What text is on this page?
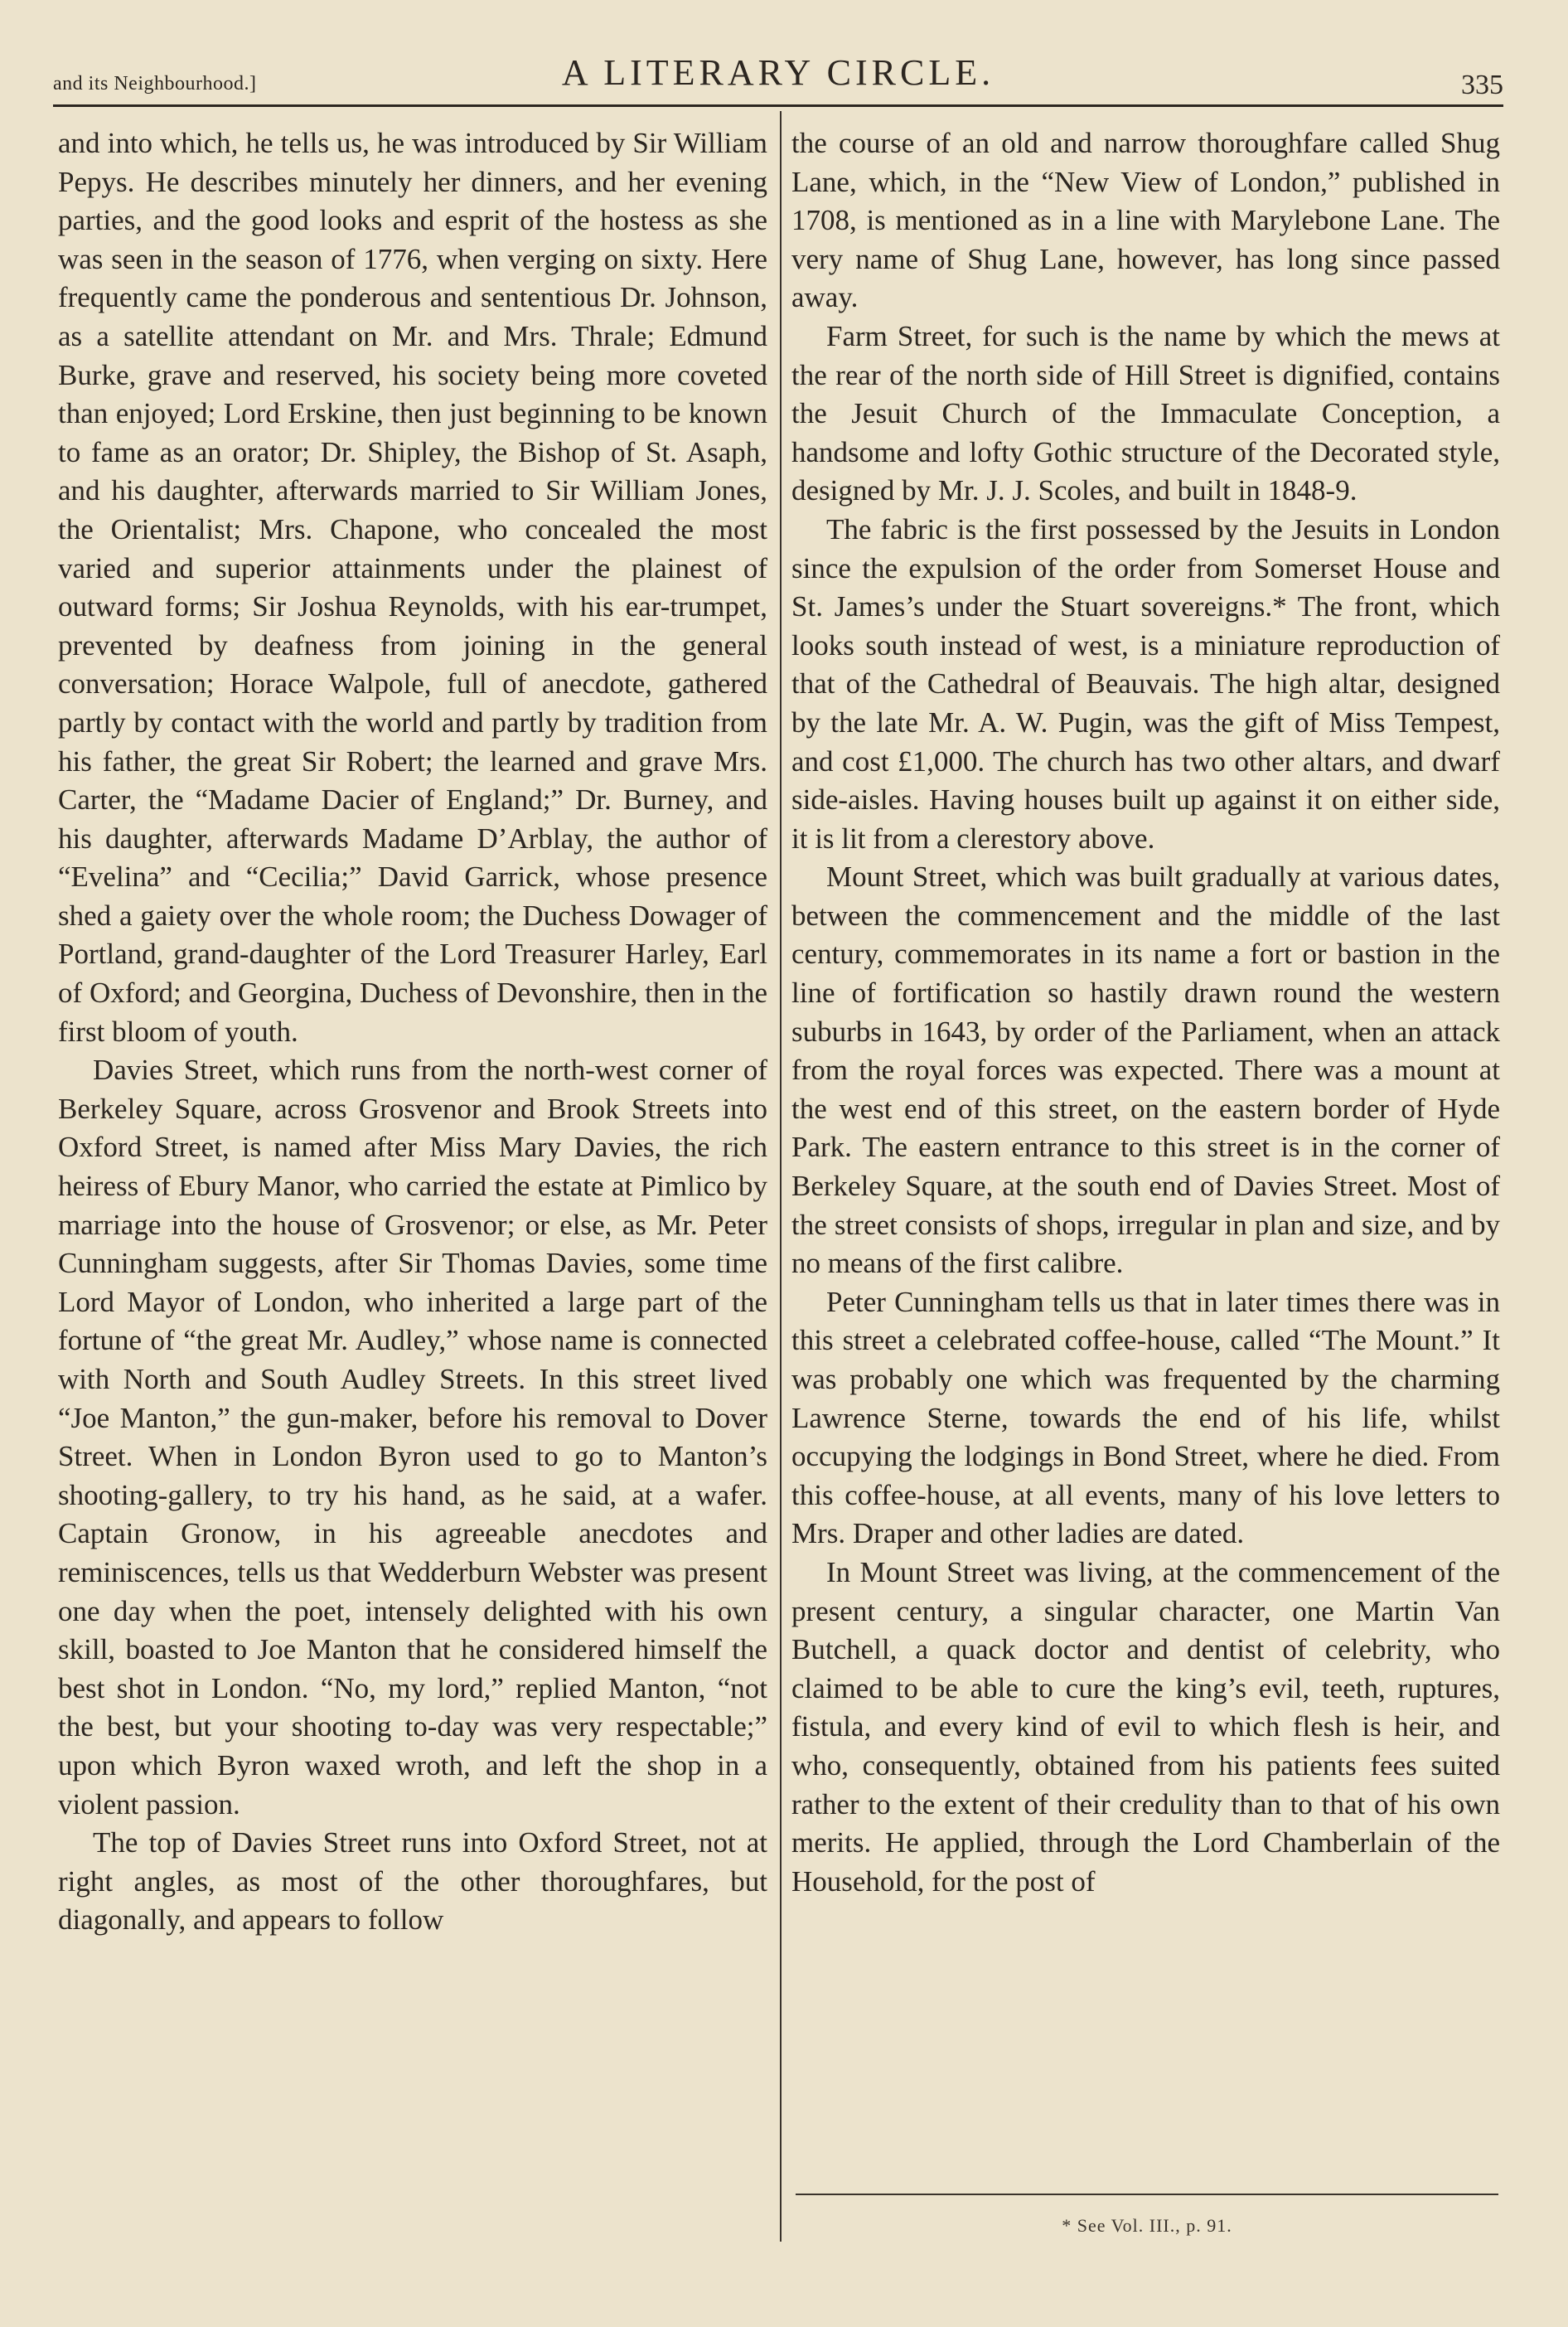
and its Neighbourhood.]	A LITERARY CIRCLE.	335

and into which, he tells us, he was introduced by Sir William Pepys. He describes minutely her dinners, and her evening parties, and the good looks and esprit of the hostess as she was seen in the season of 1776, when verging on sixty. Here frequently came the ponderous and sententious Dr. Johnson, as a satellite attendant on Mr. and Mrs. Thrale; Edmund Burke, grave and reserved, his society being more coveted than enjoyed; Lord Erskine, then just beginning to be known to fame as an orator; Dr. Shipley, the Bishop of St. Asaph, and his daughter, afterwards married to Sir William Jones, the Orientalist; Mrs. Chapone, who concealed the most varied and superior attainments under the plainest of outward forms; Sir Joshua Reynolds, with his ear-trumpet, prevented by deafness from joining in the general conversation; Horace Walpole, full of anecdote, gathered partly by contact with the world and partly by tradition from his father, the great Sir Robert; the learned and grave Mrs. Carter, the “Madame Dacier of England;” Dr. Burney, and his daughter, afterwards Madame D’Arblay, the author of “Evelina” and “Cecilia;” David Garrick, whose presence shed a gaiety over the whole room; the Duchess Dowager of Portland, grand-daughter of the Lord Treasurer Harley, Earl of Oxford; and Georgina, Duchess of Devonshire, then in the first bloom of youth.

Davies Street, which runs from the north-west corner of Berkeley Square, across Grosvenor and Brook Streets into Oxford Street, is named after Miss Mary Davies, the rich heiress of Ebury Manor, who carried the estate at Pimlico by marriage into the house of Grosvenor; or else, as Mr. Peter Cunningham suggests, after Sir Thomas Davies, some time Lord Mayor of London, who inherited a large part of the fortune of “the great Mr. Audley,” whose name is connected with North and South Audley Streets. In this street lived “Joe Manton,” the gun-maker, before his removal to Dover Street. When in London Byron used to go to Manton’s shooting-gallery, to try his hand, as he said, at a wafer. Captain Gronow, in his agreeable anecdotes and reminiscences, tells us that Wedderburn Webster was present one day when the poet, intensely delighted with his own skill, boasted to Joe Manton that he considered himself the best shot in London. “No, my lord,” replied Manton, “not the best, but your shooting to-day was very respectable;” upon which Byron waxed wroth, and left the shop in a violent passion.

The top of Davies Street runs into Oxford Street, not at right angles, as most of the other thoroughfares, but diagonally, and appears to follow

the course of an old and narrow thoroughfare called Shug Lane, which, in the “New View of London,” published in 1708, is mentioned as in a line with Marylebone Lane. The very name of Shug Lane, however, has long since passed away.

Farm Street, for such is the name by which the mews at the rear of the north side of Hill Street is dignified, contains the Jesuit Church of the Immaculate Conception, a handsome and lofty Gothic structure of the Decorated style, designed by Mr. J. J. Scoles, and built in 1848-9.

The fabric is the first possessed by the Jesuits in London since the expulsion of the order from Somerset House and St. James’s under the Stuart sovereigns.* The front, which looks south instead of west, is a miniature reproduction of that of the Cathedral of Beauvais. The high altar, designed by the late Mr. A. W. Pugin, was the gift of Miss Tempest, and cost £1,000. The church has two other altars, and dwarf side-aisles. Having houses built up against it on either side, it is lit from a clerestory above.

Mount Street, which was built gradually at various dates, between the commencement and the middle of the last century, commemorates in its name a fort or bastion in the line of fortification so hastily drawn round the western suburbs in 1643, by order of the Parliament, when an attack from the royal forces was expected. There was a mount at the west end of this street, on the eastern border of Hyde Park. The eastern entrance to this street is in the corner of Berkeley Square, at the south end of Davies Street. Most of the street consists of shops, irregular in plan and size, and by no means of the first calibre.

Peter Cunningham tells us that in later times there was in this street a celebrated coffee-house, called “The Mount.” It was probably one which was frequented by the charming Lawrence Sterne, towards the end of his life, whilst occupying the lodgings in Bond Street, where he died. From this coffee-house, at all events, many of his love letters to Mrs. Draper and other ladies are dated.

In Mount Street was living, at the commencement of the present century, a singular character, one Martin Van Butchell, a quack doctor and dentist of celebrity, who claimed to be able to cure the king’s evil, teeth, ruptures, fistula, and every kind of evil to which flesh is heir, and who, consequently, obtained from his patients fees suited rather to the extent of their credulity than to that of his own merits. He applied, through the Lord Chamberlain of the Household, for the post of

* See Vol. III., p. 91.
